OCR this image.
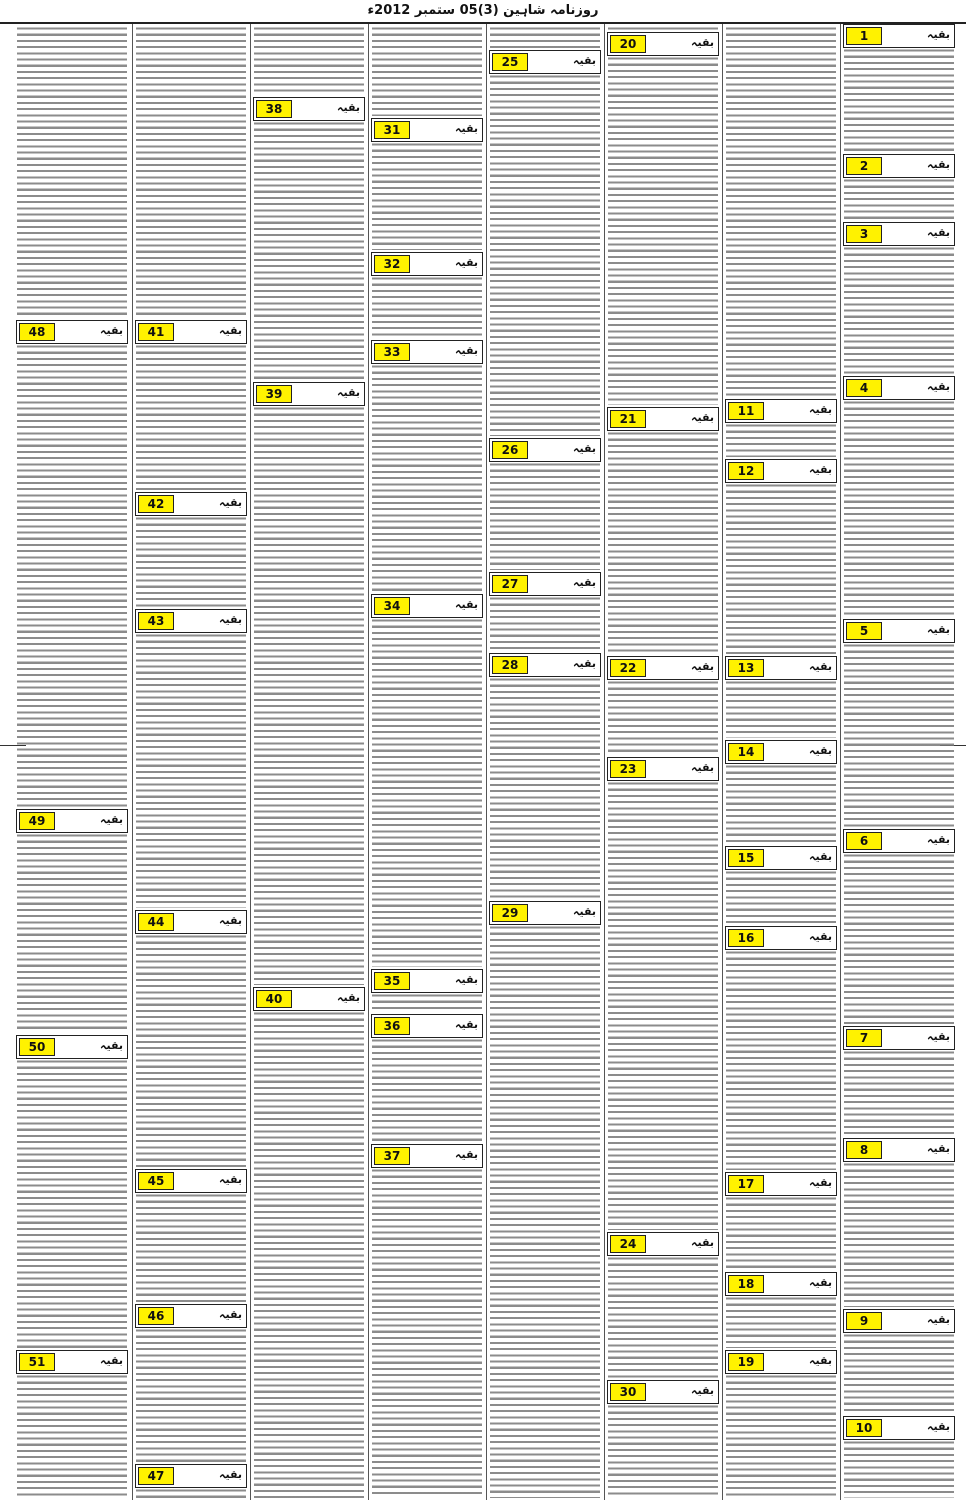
روزنامہ شاہین (3)05 ستمبر 2012ء
1	بقیہ
2	بقیہ
3	بقیہ
4	بقیہ
5	بقیہ
6	بقیہ
7	بقیہ
8	بقیہ
9	بقیہ
10	بقیہ
11	بقیہ
12	بقیہ
13	بقیہ
14	بقیہ
15	بقیہ
16	بقیہ
17	بقیہ
18	بقیہ
19	بقیہ
20	بقیہ
21	بقیہ
22	بقیہ
23	بقیہ
24	بقیہ
30	بقیہ
25	بقیہ
26	بقیہ
27	بقیہ
28	بقیہ
29	بقیہ
31	بقیہ
32	بقیہ
33	بقیہ
34	بقیہ
35	بقیہ
36	بقیہ
37	بقیہ
38	بقیہ
39	بقیہ
40	بقیہ
41	بقیہ
42	بقیہ
43	بقیہ
44	بقیہ
45	بقیہ
46	بقیہ
47	بقیہ
48	بقیہ
49	بقیہ
50	بقیہ
51	بقیہ
